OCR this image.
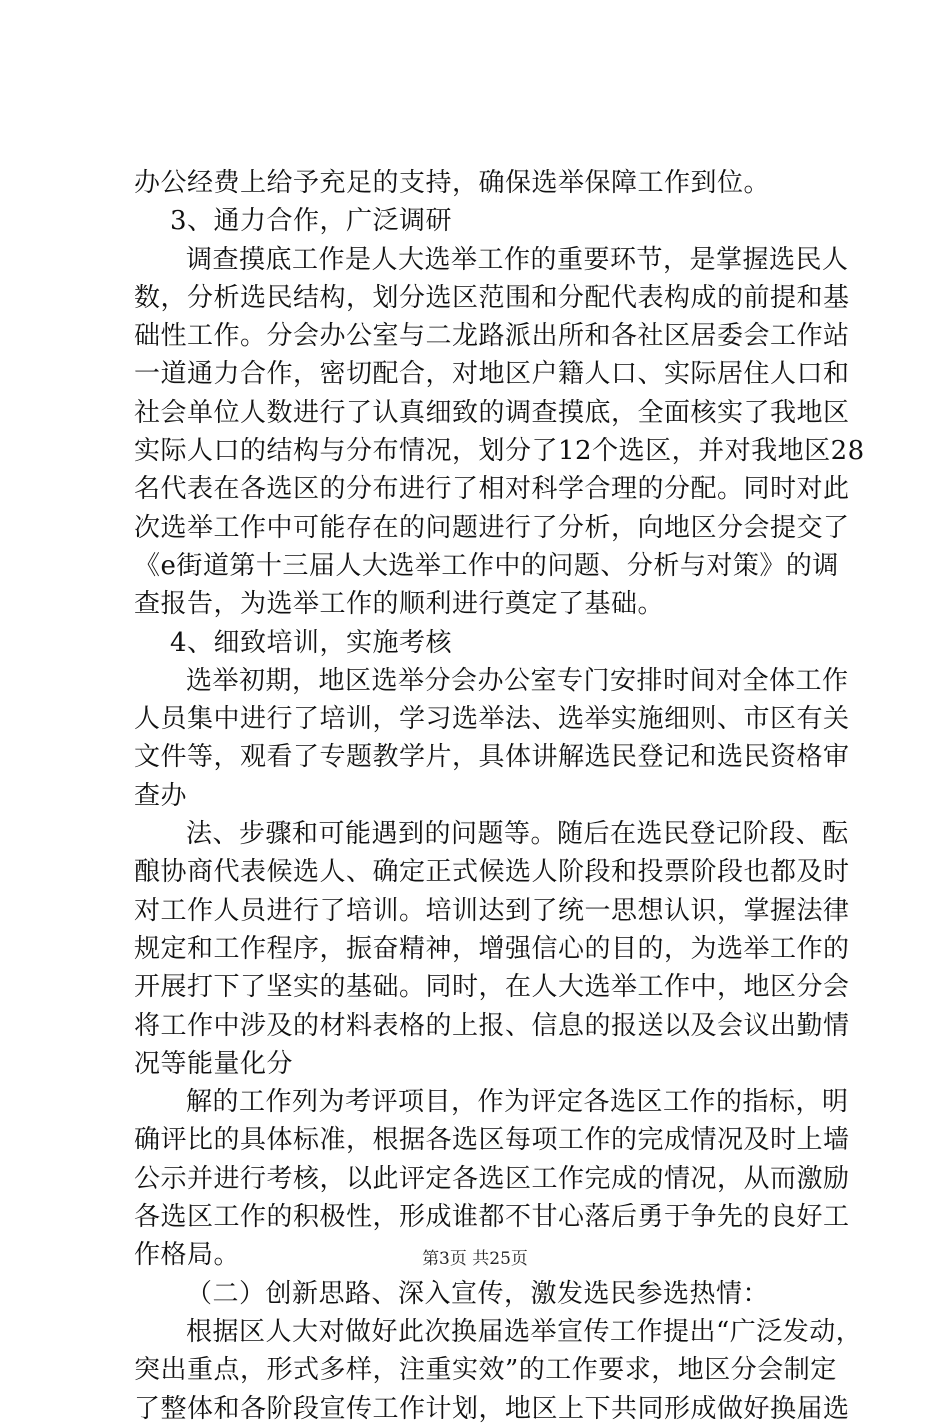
办公经费上给予充足的支持，确保选举保障工作到位。
3、通力合作，广泛调研
调查摸底工作是人大选举工作的重要环节，是掌握选民人
数，分析选民结构，划分选区范围和分配代表构成的前提和基
础性工作。分会办公室与二龙路派出所和各社区居委会工作站
一道通力合作，密切配合，对地区户籍人口、实际居住人口和
社会单位人数进行了认真细致的调查摸底，全面核实了我地区
实际人口的结构与分布情况，划分了12个选区，并对我地区28
名代表在各选区的分布进行了相对科学合理的分配。同时对此
次选举工作中可能存在的问题进行了分析，向地区分会提交了
《e街道第十三届人大选举工作中的问题、分析与对策》的调
查报告，为选举工作的顺利进行奠定了基础。
4、细致培训，实施考核
选举初期，地区选举分会办公室专门安排时间对全体工作
人员集中进行了培训，学习选举法、选举实施细则、市区有关
文件等，观看了专题教学片，具体讲解选民登记和选民资格审
查办
法、步骤和可能遇到的问题等。随后在选民登记阶段、酝
酿协商代表候选人、确定正式候选人阶段和投票阶段也都及时
对工作人员进行了培训。培训达到了统一思想认识，掌握法律
规定和工作程序，振奋精神，增强信心的目的，为选举工作的
开展打下了坚实的基础。同时，在人大选举工作中，地区分会
将工作中涉及的材料表格的上报、信息的报送以及会议出勤情
况等能量化分
解的工作列为考评项目，作为评定各选区工作的指标，明
确评比的具体标准，根据各选区每项工作的完成情况及时上墙
公示并进行考核，以此评定各选区工作完成的情况，从而激励
各选区工作的积极性，形成谁都不甘心落后勇于争先的良好工
作格局。
（二）创新思路、深入宣传，激发选民参选热情：
根据区人大对做好此次换届选举宣传工作提出“广泛发动，
突出重点，形式多样，注重实效”的工作要求，地区分会制定
了整体和各阶段宣传工作计划，地区上下共同形成做好换届选
第3页 共25页
